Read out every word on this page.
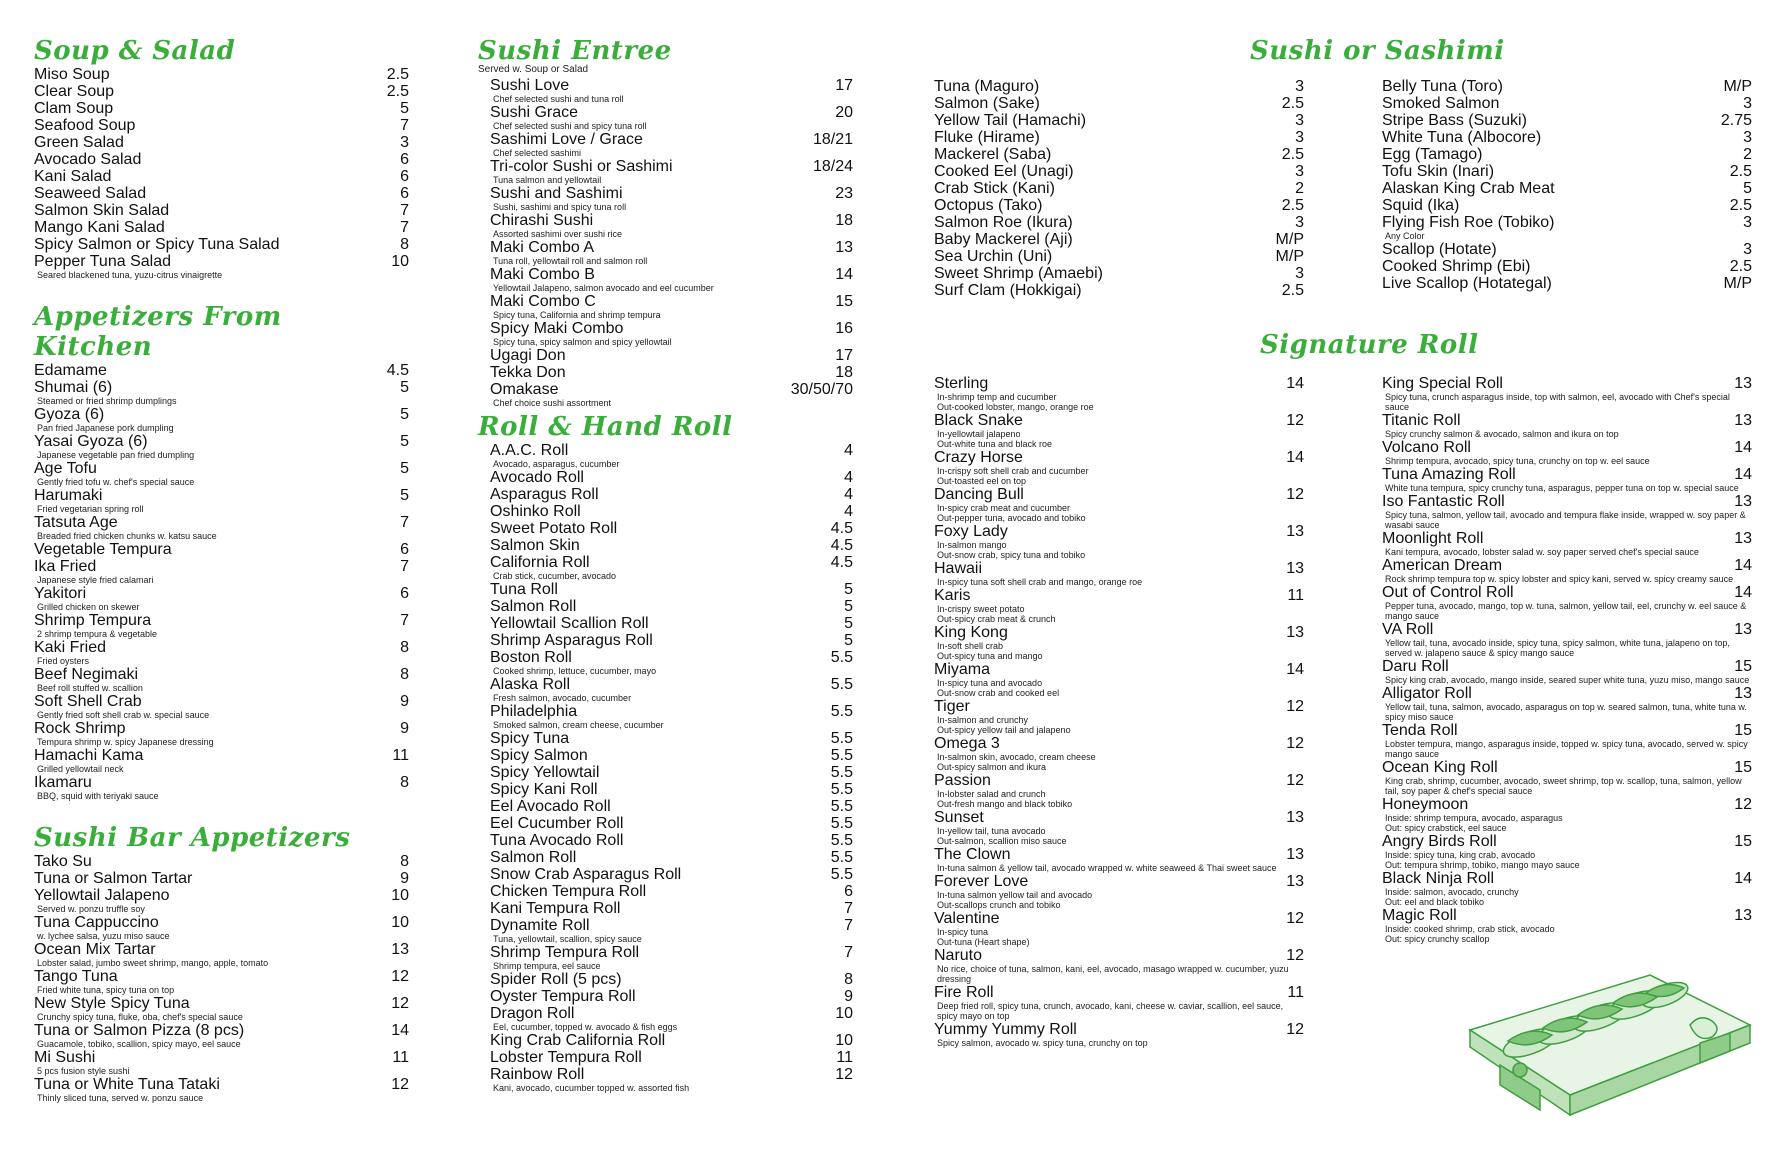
Soup & Salad
Miso Soup	2.5
Clear Soup	2.5
Clam Soup	5
Seafood Soup	7
Green Salad	3
Avocado Salad	6
Kani Salad	6
Seaweed Salad	6
Salmon Skin Salad	7
Mango Kani Salad	7
Spicy Salmon or Spicy Tuna Salad	8
Pepper Tuna Salad	10
Seared blackened tuna, yuzu-citrus vinaigrette
Appetizers From Kitchen
Edamame	4.5
Shumai (6)	5
Steamed or fried shrimp dumplings
Gyoza (6)	5
Pan fried Japanese pork dumpling
Yasai Gyoza (6)	5
Japanese vegetable pan fried dumpling
Age Tofu	5
Gently fried tofu w. chef's special sauce
Harumaki	5
Fried vegetarian spring roll
Tatsuta Age	7
Breaded fried chicken chunks w. katsu sauce
Vegetable Tempura	6
Ika Fried	7
Japanese style fried calamari
Yakitori	6
Grilled chicken on skewer
Shrimp Tempura	7
2 shrimp tempura & vegetable
Kaki Fried	8
Fried oysters
Beef Negimaki	8
Beef roll stuffed w. scallion
Soft Shell Crab	9
Gently fried soft shell crab w. special sauce
Rock Shrimp	9
Tempura shrimp w. spicy Japanese dressing
Hamachi Kama	11
Grilled yellowtail neck
Ikamaru	8
BBQ, squid with teriyaki sauce
Sushi Bar Appetizers
Tako Su	8
Tuna or Salmon Tartar	9
Yellowtail Jalapeno	10
Served w. ponzu truffle soy
Tuna Cappuccino	10
w. lychee salsa, yuzu miso sauce
Ocean Mix Tartar	13
Lobster salad, jumbo sweet shrimp, mango, apple, tomato
Tango Tuna	12
Fried white tuna, spicy tuna on top
New Style Spicy Tuna	12
Crunchy spicy tuna, fluke, oba, chef's special sauce
Tuna or Salmon Pizza (8 pcs)	14
Guacamole, tobiko, scallion, spicy mayo, eel sauce
Mi Sushi	11
5 pcs fusion style sushi
Tuna or White Tuna Tataki	12
Thinly sliced tuna, served w. ponzu sauce
Sushi Entree
Served w. Soup or Salad
Sushi Love	17
Chef selected sushi and tuna roll
Sushi Grace	20
Chef selected sushi and spicy tuna roll
Sashimi Love / Grace	18/21
Chef selected sashimi
Tri-color Sushi or Sashimi	18/24
Tuna salmon and yellowtail
Sushi and Sashimi	23
Sushi, sashimi and spicy tuna roll
Chirashi Sushi	18
Assorted sashimi over sushi rice
Maki Combo A	13
Tuna roll, yellowtail roll and salmon roll
Maki Combo B	14
Yellowtail Jalapeno, salmon avocado and eel cucumber
Maki Combo C	15
Spicy tuna, California and shrimp tempura
Spicy Maki Combo	16
Spicy tuna, spicy salmon and spicy yellowtail
Ugagi Don	17
Tekka Don	18
Omakase	30/50/70
Chef choice sushi assortment
Roll & Hand Roll
A.A.C. Roll	4
Avocado, asparagus, cucumber
Avocado Roll	4
Asparagus Roll	4
Oshinko Roll	4
Sweet Potato Roll	4.5
Salmon Skin	4.5
California Roll	4.5
Crab stick, cucumber, avocado
Tuna Roll	5
Salmon Roll	5
Yellowtail Scallion Roll	5
Shrimp Asparagus Roll	5
Boston Roll	5.5
Cooked shrimp, lettuce, cucumber, mayo
Alaska Roll	5.5
Fresh salmon, avocado, cucumber
Philadelphia	5.5
Smoked salmon, cream cheese, cucumber
Spicy Tuna	5.5
Spicy Salmon	5.5
Spicy Yellowtail	5.5
Spicy Kani Roll	5.5
Eel Avocado Roll	5.5
Eel Cucumber Roll	5.5
Tuna Avocado Roll	5.5
Salmon Roll	5.5
Snow Crab Asparagus Roll	5.5
Chicken Tempura Roll	6
Kani Tempura Roll	7
Dynamite Roll	7
Tuna, yellowtail, scallion, spicy sauce
Shrimp Tempura Roll	7
Shrimp tempura, eel sauce
Spider Roll (5 pcs)	8
Oyster Tempura Roll	9
Dragon Roll	10
Eel, cucumber, topped w. avocado & fish eggs
King Crab California Roll	10
Lobster Tempura Roll	11
Rainbow Roll	12
Kani, avocado, cucumber topped w. assorted fish
Sushi or Sashimi
Tuna (Maguro)	3
Salmon (Sake)	2.5
Yellow Tail (Hamachi)	3
Fluke (Hirame)	3
Mackerel (Saba)	2.5
Cooked Eel (Unagi)	3
Crab Stick (Kani)	2
Octopus (Tako)	2.5
Salmon Roe (Ikura)	3
Baby Mackerel (Aji)	M/P
Sea Urchin (Uni)	M/P
Sweet Shrimp (Amaebi)	3
Surf Clam (Hokkigai)	2.5
Belly Tuna (Toro)	M/P
Smoked Salmon	3
Stripe Bass (Suzuki)	2.75
White Tuna (Albocore)	3
Egg (Tamago)	2
Tofu Skin (Inari)	2.5
Alaskan King Crab Meat	5
Squid (Ika)	2.5
Flying Fish Roe (Tobiko)	3
Any Color
Scallop (Hotate)	3
Cooked Shrimp (Ebi)	2.5
Live Scallop (Hotategal)	M/P
Signature Roll
Sterling	14
In-shrimp temp and cucumber
Out-cooked lobster, mango, orange roe
Black Snake	12
In-yellowtail jalapeno
Out-white tuna and black roe
Crazy Horse	14
In-crispy soft shell crab and cucumber
Out-toasted eel on top
Dancing Bull	12
In-spicy crab meat and cucumber
Out-pepper tuna, avocado and tobiko
Foxy Lady	13
In-salmon mango
Out-snow crab, spicy tuna and tobiko
Hawaii	13
In-spicy tuna soft shell crab and mango, orange roe
Karis	11
In-crispy sweet potato
Out-spicy crab meat & crunch
King Kong	13
In-soft shell crab
Out-spicy tuna and mango
Miyama	14
In-spicy tuna and avocado
Out-snow crab and cooked eel
Tiger	12
In-salmon and crunchy
Out-spicy yellow tail and jalapeno
Omega 3	12
In-salmon skin, avocado, cream cheese
Out-spicy salmon and ikura
Passion	12
In-lobster salad and crunch
Out-fresh mango and black tobiko
Sunset	13
In-yellow tail, tuna avocado
Out-salmon, scallion miso sauce
The Clown	13
In-tuna salmon & yellow tail, avocado wrapped w. white seaweed & Thai sweet sauce
Forever Love	13
In-tuna salmon yellow tail and avocado
Out-scallops crunch and tobiko
Valentine	12
In-spicy tuna
Out-tuna (Heart shape)
Naruto	12
No rice, choice of tuna, salmon, kani, eel, avocado, masago wrapped w. cucumber, yuzu dressing
Fire Roll	11
Deep fried roll, spicy tuna, crunch, avocado, kani, cheese w. caviar, scallion, eel sauce, spicy mayo on top
Yummy Yummy Roll	12
Spicy salmon, avocado w. spicy tuna, crunchy on top
King Special Roll	13
Spicy tuna, crunch asparagus inside, top with salmon, eel, avocado with Chef's special sauce
Titanic Roll	13
Spicy crunchy salmon & avocado, salmon and ikura on top
Volcano Roll	14
Shrimp tempura, avocado, spicy tuna, crunchy on top w. eel sauce
Tuna Amazing Roll	14
White tuna tempura, spicy crunchy tuna, asparagus, pepper tuna on top w. special sauce
Iso Fantastic Roll	13
Spicy tuna, salmon, yellow tail, avocado and tempura flake inside, wrapped w. soy paper & wasabi sauce
Moonlight Roll	13
Kani tempura, avocado, lobster salad w. soy paper served chef's special sauce
American Dream	14
Rock shrimp tempura top w. spicy lobster and spicy kani, served w. spicy creamy sauce
Out of Control Roll	14
Pepper tuna, avocado, mango, top w. tuna, salmon, yellow tail, eel, crunchy w. eel sauce & mango sauce
VA Roll	13
Yellow tail, tuna, avocado inside, spicy tuna, spicy salmon, white tuna, jalapeno on top, served w. jalapeno sauce & spicy mango sauce
Daru Roll	15
Spicy king crab, avocado, mango inside, seared super white tuna, yuzu miso, mango sauce
Alligator Roll	13
Yellow tail, tuna, salmon, avocado, asparagus on top w. seared salmon, tuna, white tuna w. spicy miso sauce
Tenda Roll	15
Lobster tempura, mango, asparagus inside, topped w. spicy tuna, avocado, served w. spicy mango sauce
Ocean King Roll	15
King crab, shrimp, cucumber, avocado, sweet shrimp, top w. scallop, tuna, salmon, yellow tail, soy paper & chef's special sauce
Honeymoon	12
Inside: shrimp tempura, avocado, asparagus
Out: spicy crabstick, eel sauce
Angry Birds Roll	15
Inside: spicy tuna, king crab, avocado
Out: tempura shrimp, tobiko, mango mayo sauce
Black Ninja Roll	14
Inside: salmon, avocado, crunchy
Out: eel and black tobiko
Magic Roll	13
Inside: cooked shrimp, crab stick, avocado
Out: spicy crunchy scallop
